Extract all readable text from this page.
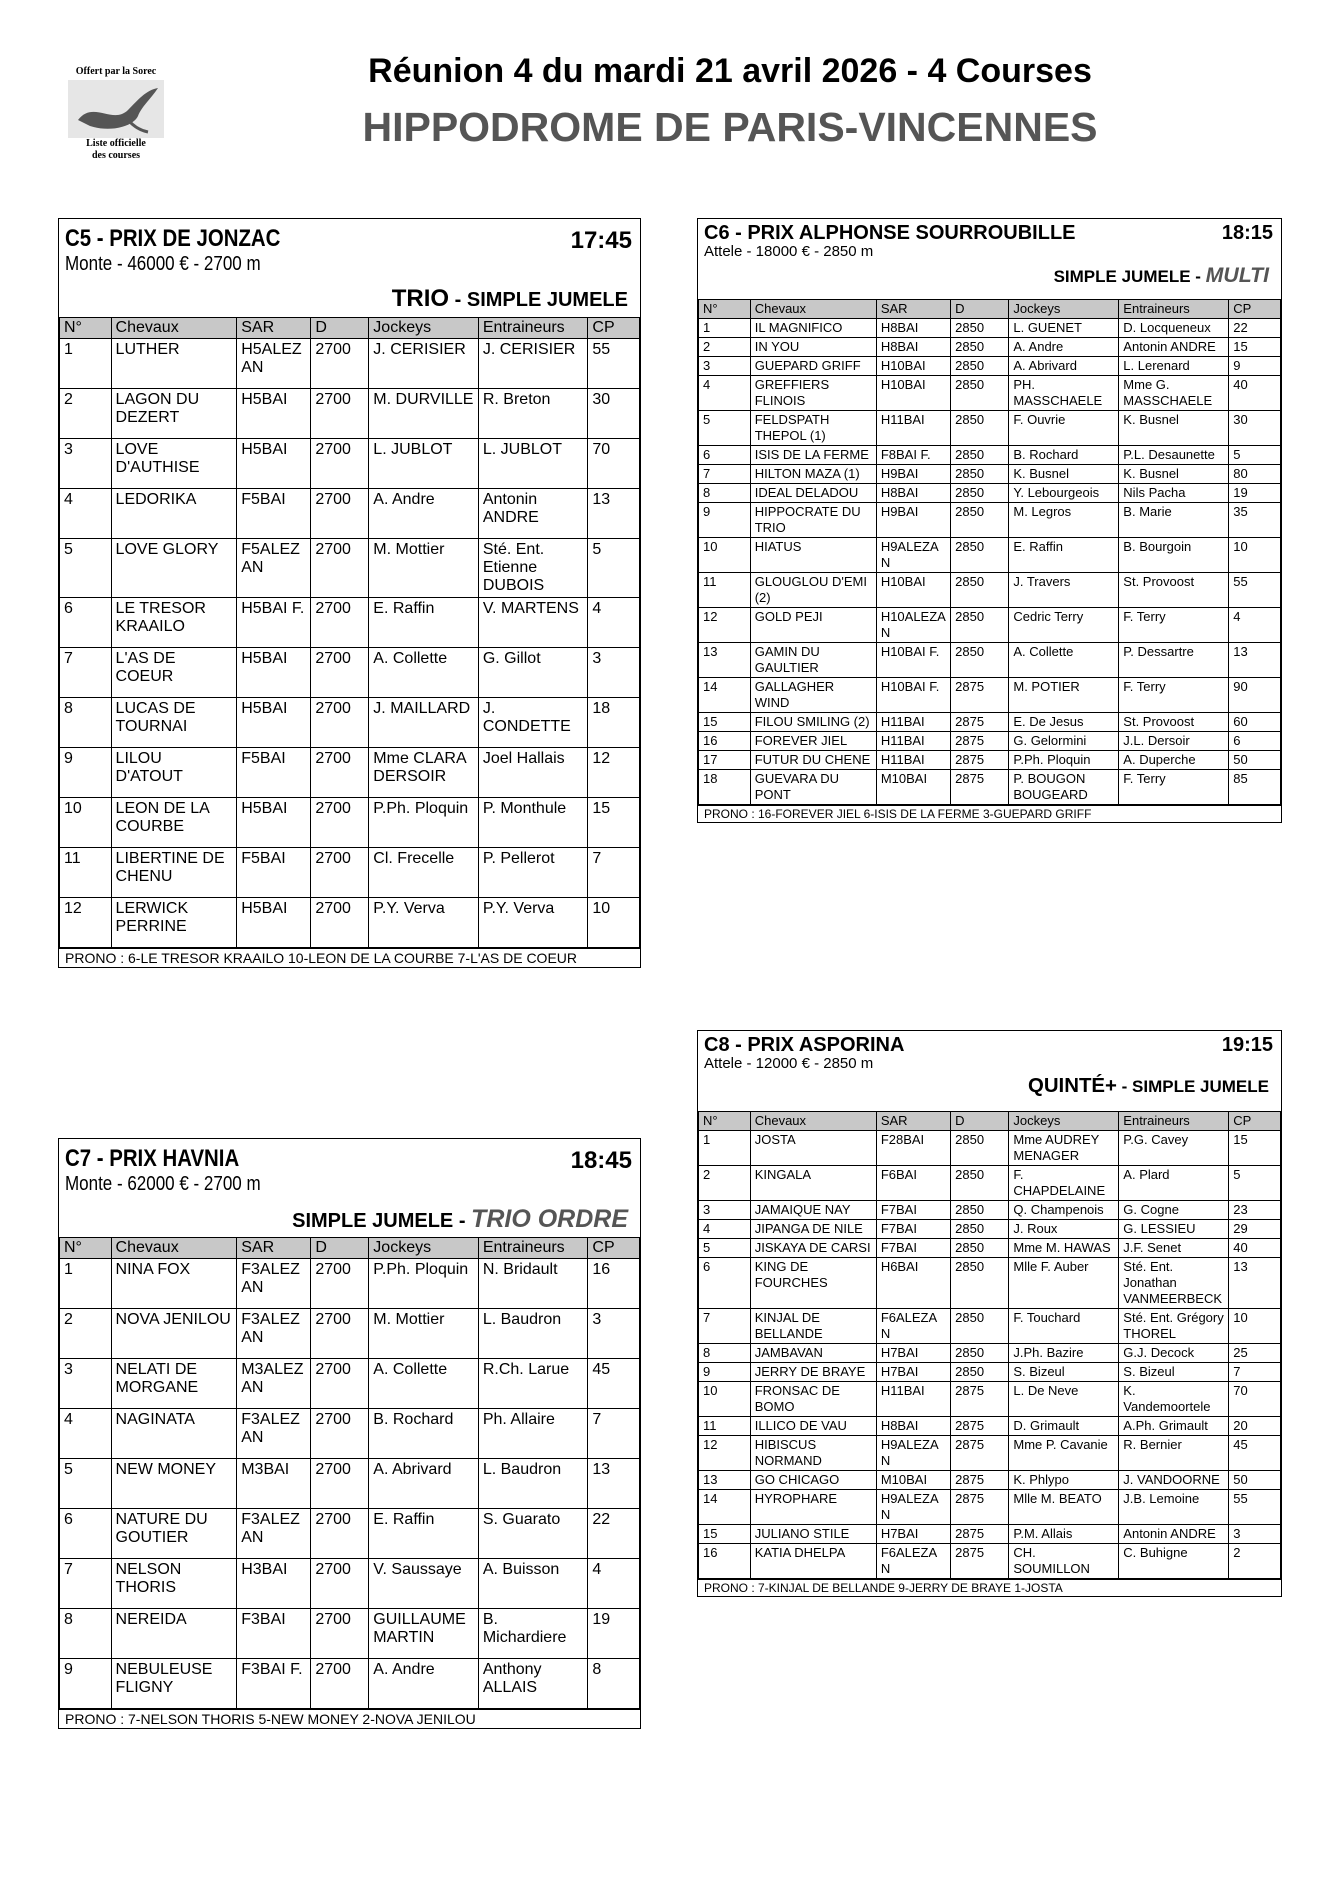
Offert par la Sorec
Liste officielle
des courses
Réunion 4 du mardi 21 avril 2026 - 4 Courses
HIPPODROME DE PARIS-VINCENNES
C5 - PRIX DE JONZAC	17:45
Monte - 46000 € - 2700 m
TRIO - SIMPLE JUMELE
N°	Chevaux	SAR	D	Jockeys	Entraineurs	CP
1	LUTHER	H5ALEZAN	2700	J. CERISIER	J. CERISIER	55
2	LAGON DU DEZERT	H5BAI	2700	M. DURVILLE	R. Breton	30
3	LOVE D'AUTHISE	H5BAI	2700	L. JUBLOT	L. JUBLOT	70
4	LEDORIKA	F5BAI	2700	A. Andre	Antonin ANDRE	13
5	LOVE GLORY	F5ALEZAN	2700	M. Mottier	Sté. Ent. Etienne DUBOIS	5
6	LE TRESOR KRAAILO	H5BAI F.	2700	E. Raffin	V. MARTENS	4
7	L'AS DE COEUR	H5BAI	2700	A. Collette	G. Gillot	3
8	LUCAS DE TOURNAI	H5BAI	2700	J. MAILLARD	J. CONDETTE	18
9	LILOU D'ATOUT	F5BAI	2700	Mme CLARA DERSOIR	Joel Hallais	12
10	LEON DE LA COURBE	H5BAI	2700	P.Ph. Ploquin	P. Monthule	15
11	LIBERTINE DE CHENU	F5BAI	2700	Cl. Frecelle	P. Pellerot	7
12	LERWICK PERRINE	H5BAI	2700	P.Y. Verva	P.Y. Verva	10
PRONO : 6-LE TRESOR KRAAILO 10-LEON DE LA COURBE 7-L'AS DE COEUR
C7 - PRIX HAVNIA	18:45
Monte - 62000 € - 2700 m
SIMPLE JUMELE - TRIO ORDRE
N°	Chevaux	SAR	D	Jockeys	Entraineurs	CP
1	NINA FOX	F3ALEZAN	2700	P.Ph. Ploquin	N. Bridault	16
2	NOVA JENILOU	F3ALEZAN	2700	M. Mottier	L. Baudron	3
3	NELATI DE MORGANE	M3ALEZAN	2700	A. Collette	R.Ch. Larue	45
4	NAGINATA	F3ALEZAN	2700	B. Rochard	Ph. Allaire	7
5	NEW MONEY	M3BAI	2700	A. Abrivard	L. Baudron	13
6	NATURE DU GOUTIER	F3ALEZAN	2700	E. Raffin	S. Guarato	22
7	NELSON THORIS	H3BAI	2700	V. Saussaye	A. Buisson	4
8	NEREIDA	F3BAI	2700	GUILLAUME MARTIN	B. Michardiere	19
9	NEBULEUSE FLIGNY	F3BAI F.	2700	A. Andre	Anthony ALLAIS	8
PRONO : 7-NELSON THORIS 5-NEW MONEY 2-NOVA JENILOU
C6 - PRIX ALPHONSE SOURROUBILLE	18:15
Attele - 18000 € - 2850 m
SIMPLE JUMELE - MULTI
N°	Chevaux	SAR	D	Jockeys	Entraineurs	CP
1	IL MAGNIFICO	H8BAI	2850	L. GUENET	D. Locqueneux	22
2	IN YOU	H8BAI	2850	A. Andre	Antonin ANDRE	15
3	GUEPARD GRIFF	H10BAI	2850	A. Abrivard	L. Lerenard	9
4	GREFFIERS FLINOIS	H10BAI	2850	PH. MASSCHAELE	Mme G. MASSCHAELE	40
5	FELDSPATH THEPOL (1)	H11BAI	2850	F. Ouvrie	K. Busnel	30
6	ISIS DE LA FERME	F8BAI F.	2850	B. Rochard	P.L. Desaunette	5
7	HILTON MAZA (1)	H9BAI	2850	K. Busnel	K. Busnel	80
8	IDEAL DELADOU	H8BAI	2850	Y. Lebourgeois	Nils Pacha	19
9	HIPPOCRATE DU TRIO	H9BAI	2850	M. Legros	B. Marie	35
10	HIATUS	H9ALEZAN	2850	E. Raffin	B. Bourgoin	10
11	GLOUGLOU D'EMI (2)	H10BAI	2850	J. Travers	St. Provoost	55
12	GOLD PEJI	H10ALEZAN	2850	Cedric Terry	F. Terry	4
13	GAMIN DU GAULTIER	H10BAI F.	2850	A. Collette	P. Dessartre	13
14	GALLAGHER WIND	H10BAI F.	2875	M. POTIER	F. Terry	90
15	FILOU SMILING (2)	H11BAI	2875	E. De Jesus	St. Provoost	60
16	FOREVER JIEL	H11BAI	2875	G. Gelormini	J.L. Dersoir	6
17	FUTUR DU CHENE	H11BAI	2875	P.Ph. Ploquin	A. Duperche	50
18	GUEVARA DU PONT	M10BAI	2875	P. BOUGON BOUGEARD	F. Terry	85
PRONO : 16-FOREVER JIEL 6-ISIS DE LA FERME 3-GUEPARD GRIFF
C8 - PRIX ASPORINA	19:15
Attele - 12000 € - 2850 m
QUINTÉ+ - SIMPLE JUMELE
N°	Chevaux	SAR	D	Jockeys	Entraineurs	CP
1	JOSTA	F28BAI	2850	Mme AUDREY MENAGER	P.G. Cavey	15
2	KINGALA	F6BAI	2850	F. CHAPDELAINE	A. Plard	5
3	JAMAIQUE NAY	F7BAI	2850	Q. Champenois	G. Cogne	23
4	JIPANGA DE NILE	F7BAI	2850	J. Roux	G. LESSIEU	29
5	JISKAYA DE CARSI	F7BAI	2850	Mme M. HAWAS	J.F. Senet	40
6	KING DE FOURCHES	H6BAI	2850	Mlle F. Auber	Sté. Ent. Jonathan VANMEERBECK	13
7	KINJAL DE BELLANDE	F6ALEZAN	2850	F. Touchard	Sté. Ent. Grégory THOREL	10
8	JAMBAVAN	H7BAI	2850	J.Ph. Bazire	G.J. Decock	25
9	JERRY DE BRAYE	H7BAI	2850	S. Bizeul	S. Bizeul	7
10	FRONSAC DE BOMO	H11BAI	2875	L. De Neve	K. Vandemoortele	70
11	ILLICO DE VAU	H8BAI	2875	D. Grimault	A.Ph. Grimault	20
12	HIBISCUS NORMAND	H9ALEZAN	2875	Mme P. Cavanie	R. Bernier	45
13	GO CHICAGO	M10BAI	2875	K. Phlypo	J. VANDOORNE	50
14	HYROPHARE	H9ALEZAN	2875	Mlle M. BEATO	J.B. Lemoine	55
15	JULIANO STILE	H7BAI	2875	P.M. Allais	Antonin ANDRE	3
16	KATIA DHELPA	F6ALEZAN	2875	CH. SOUMILLON	C. Buhigne	2
PRONO : 7-KINJAL DE BELLANDE 9-JERRY DE BRAYE 1-JOSTA
